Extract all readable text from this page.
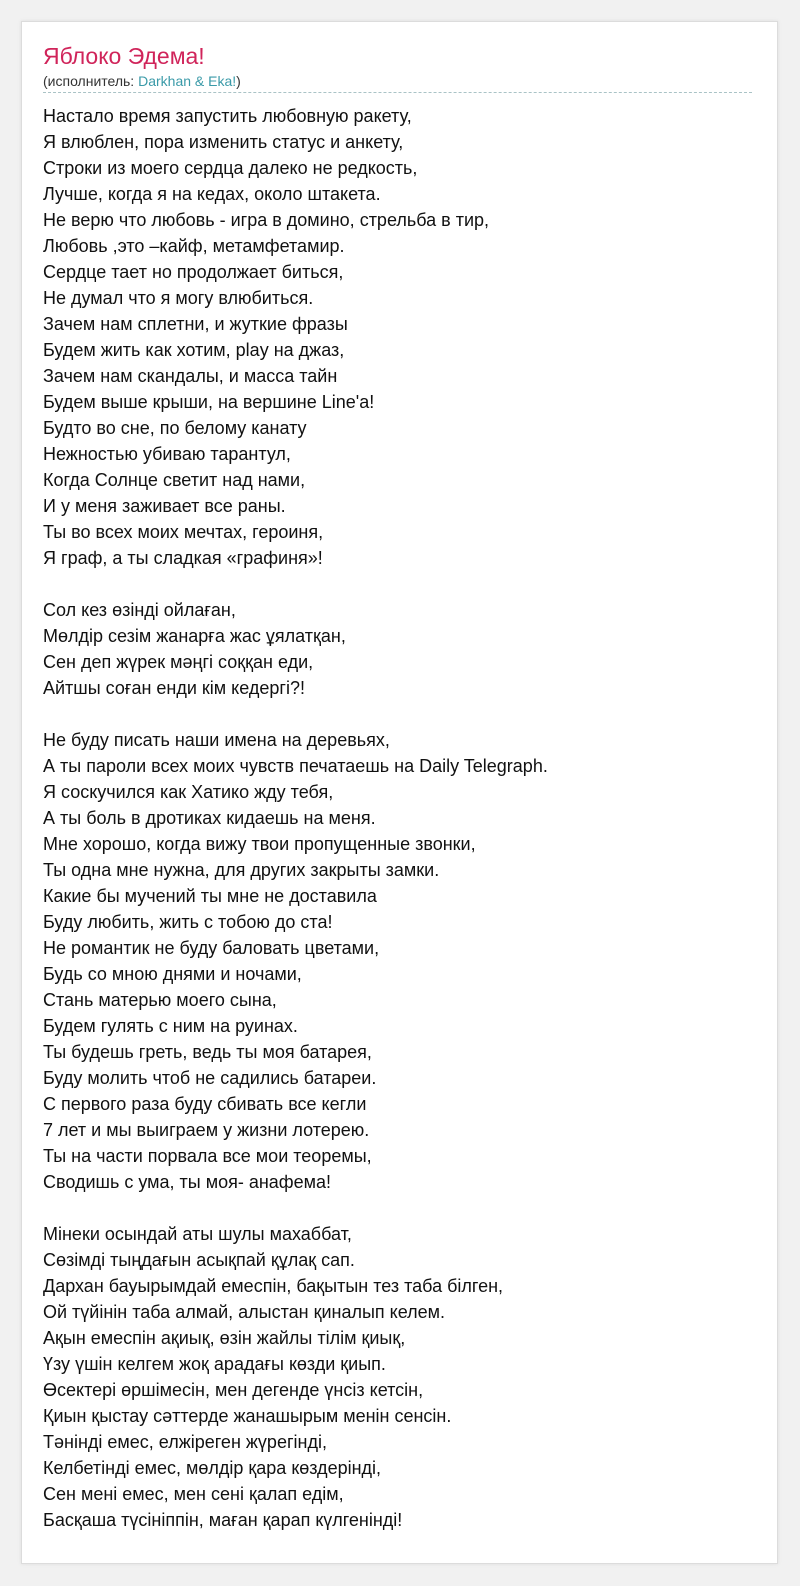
Яблоко Эдема!
(исполнитель: Darkhan & Eka!)
Настало время запустить любовную ракету,
Я влюблен, пора изменить статус и анкету,
Строки из моего сердца далеко не редкость,
Лучше, когда я на кедах, около штакета.
Не верю что любовь - игра в домино, стрельба в тир,
Любовь ,это –кайф, метамфетамир.
Сердце тает но продолжает биться,
Не думал что я могу влюбиться.
Зачем нам сплетни, и жуткие фразы
Будем жить как хотим, play на джаз,
Зачем нам скандалы, и масса тайн
Будем выше крыши, на вершине Line'a!
Будто во сне, по белому канату
Нежностью убиваю тарантул,
Когда Солнце светит над нами,
И у меня заживает все раны.
Ты во всех моих мечтах, героиня,
Я граф, а ты сладкая «графиня»!
Сол кез өзінді ойлаған,
Мөлдір сезім жанарға жас ұялатқан,
Сен деп жүрек мәңгі соққан еди,
Айтшы соған енди кім кедергі?!
Не буду писать наши имена на деревьях,
А ты пароли всех моих чувств печатаешь на Daily Telegraph.
Я соскучился как Хатико жду тебя,
А ты боль в дротиках кидаешь на меня.
Мне хорошо, когда вижу твои пропущенные звонки,
Ты одна мне нужна, для других закрыты замки.
Какие бы мучений ты мне не доставила
Буду любить, жить с тобою до ста!
Не романтик не буду баловать цветами,
Будь со мною днями и ночами,
Стань матерью моего сына,
Будем гулять с ним на руинах.
Ты будешь греть, ведь ты моя батарея,
Буду молить чтоб не садились батареи.
С первого раза буду сбивать все кегли
7 лет и мы выиграем у жизни лотерею.
Ты на части порвала все мои теоремы,
Сводишь с ума, ты моя- анафема!
Мінеки осындай аты шулы махаббат,
Сөзімді тыңдағын асықпай құлақ сап.
Дархан бауырымдай емеспін, бақытын тез таба білген,
Ой түйінін таба алмай, алыстан қиналып келем.
Ақын емеспін ақиық, өзін жайлы тілім қиық,
Үзу үшін келгем жоқ арадағы көзди қиып.
Өсектері өршімесін, мен дегенде үнсіз кетсін,
Қиын қыстау сәттерде жанашырым менін сенсін.
Тәнінді емес, елжіреген жүрегінді,
Келбетінді емес, мөлдір қара көздерінді,
Сен мені емес, мен сені қалап едім,
Басқаша түсініппін, маған қарап күлгенінді!
